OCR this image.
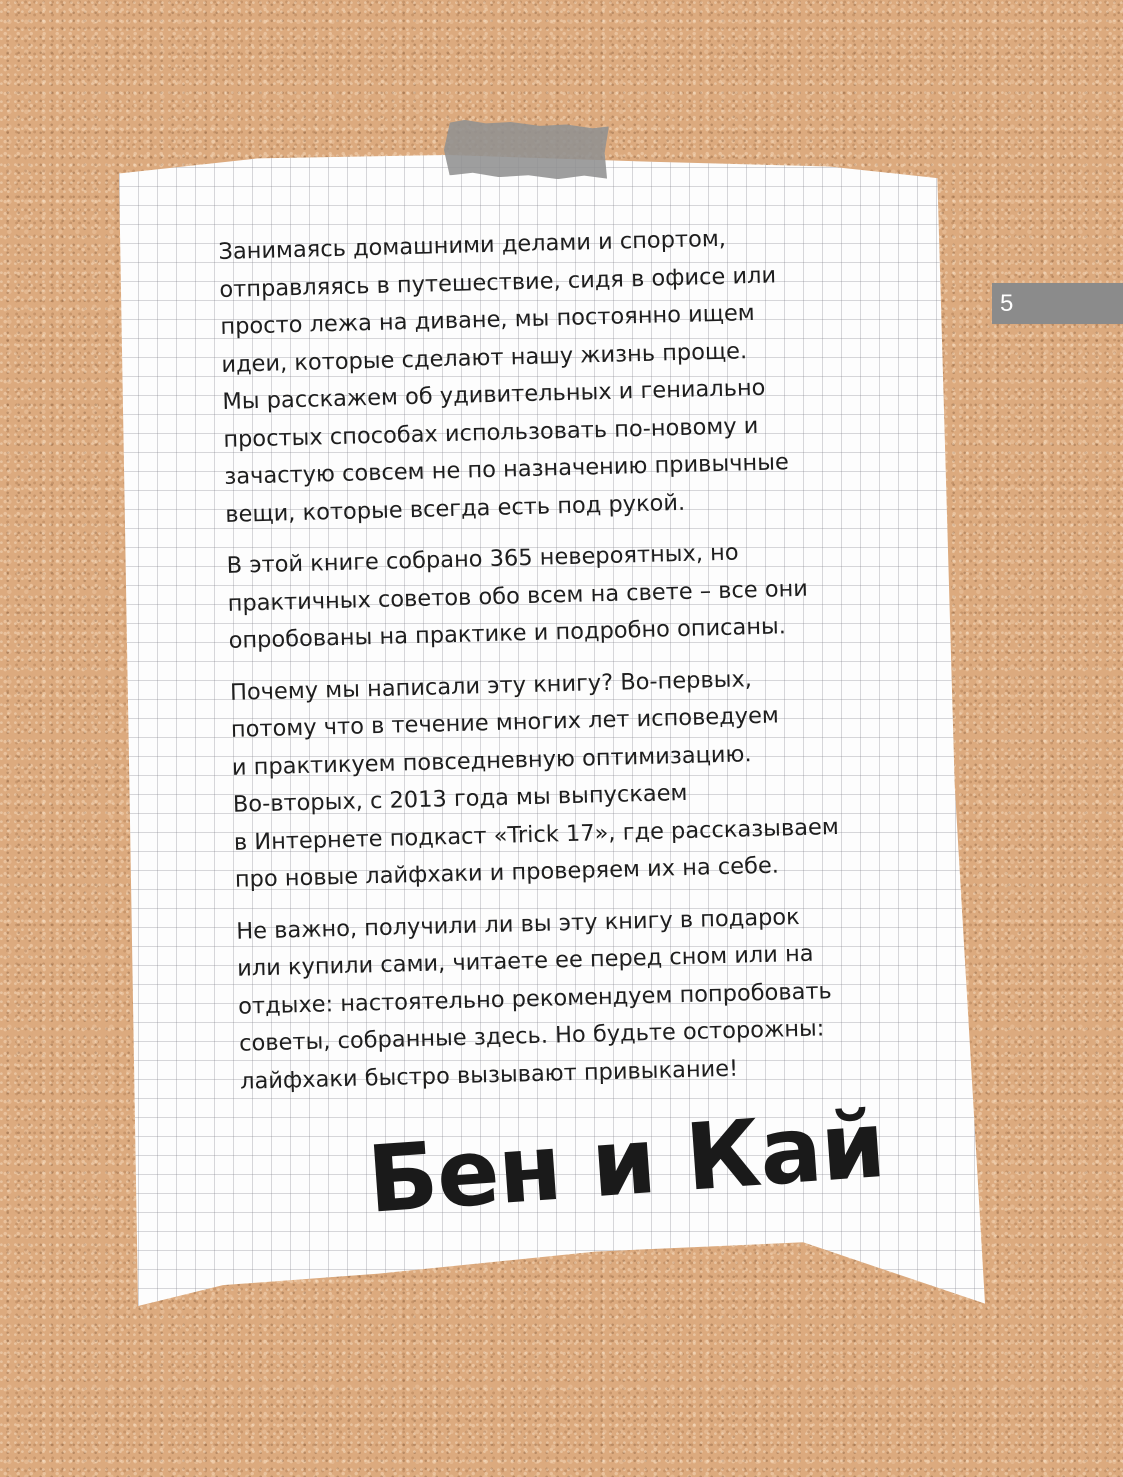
5

Занимаясь домашними делами и спортом,
отправляясь в путешествие, сидя в офисе или
просто лежа на диване, мы постоянно ищем
идеи, которые сделают нашу жизнь проще.
Мы расскажем об удивительных и гениально
простых способах использовать по-новому и
зачастую совсем не по назначению привычные
вещи, которые всегда есть под рукой.

В этой книге собрано 365 невероятных, но
практичных советов обо всем на свете – все они
опробованы на практике и подробно описаны.

Почему мы написали эту книгу? Во-первых,
потому что в течение многих лет исповедуем
и практикуем повседневную оптимизацию.
Во-вторых, с 2013 года мы выпускаем
в Интернете подкаст «Trick 17», где рассказываем
про новые лайфхаки и проверяем их на себе.

Не важно, получили ли вы эту книгу в подарок
или купили сами, читаете ее перед сном или на
отдыхе: настоятельно рекомендуем попробовать
советы, собранные здесь. Но будьте осторожны:
лайфхаки быстро вызывают привыкание!

Бен и Кай
